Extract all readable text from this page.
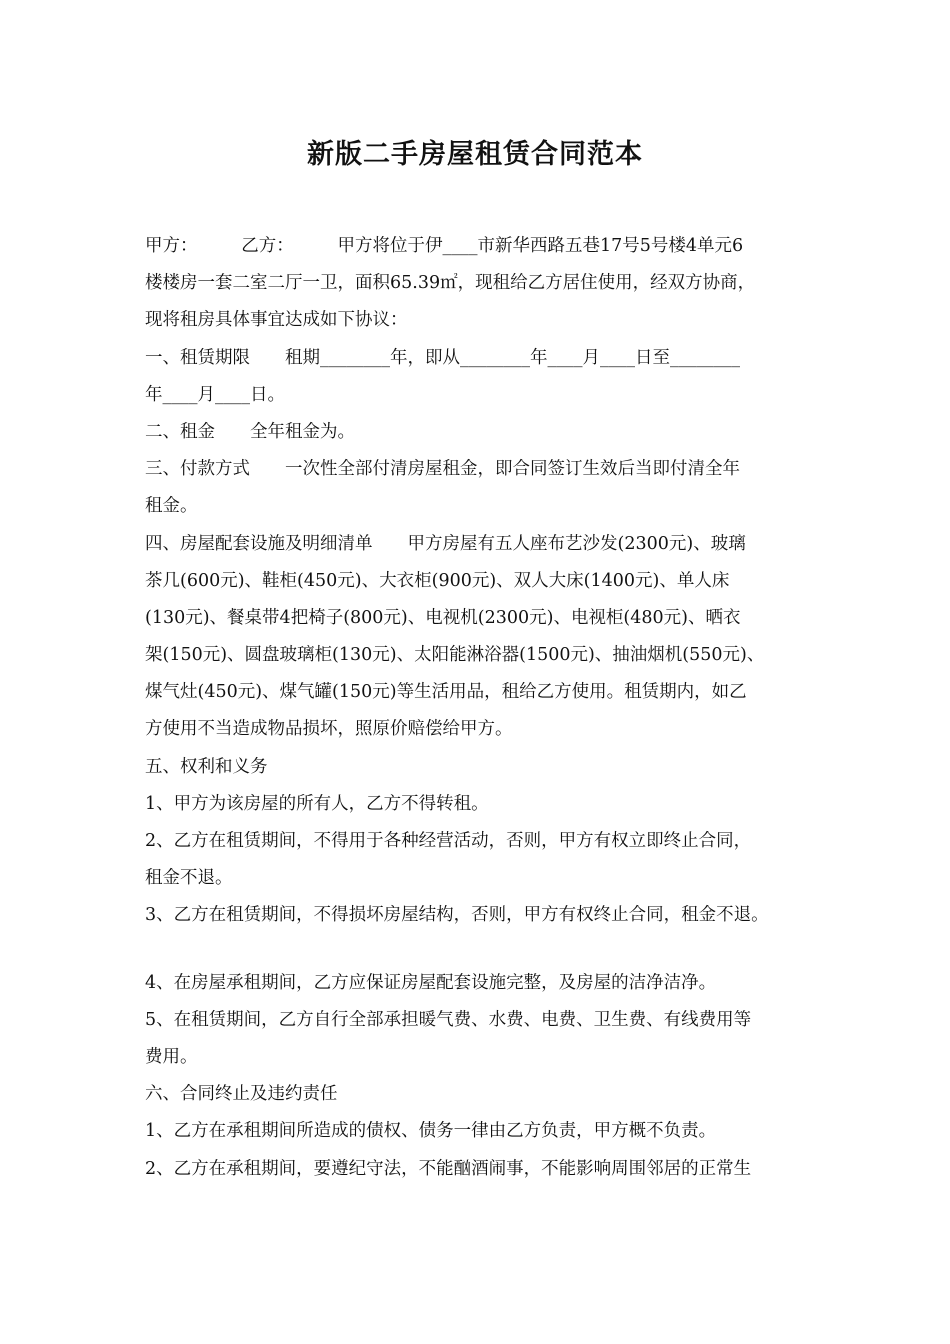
新版二手房屋租赁合同范本
甲方：　　　乙方：　　　甲方将位于伊____市新华西路五巷17号5号楼4单元6
楼楼房一套二室二厅一卫，面积65.39㎡，现租给乙方居住使用，经双方协商，
现将租房具体事宜达成如下协议：
一、租赁期限　　租期________年，即从________年____月____日至________
年____月____日。
二、租金　　全年租金为。
三、付款方式　　一次性全部付清房屋租金，即合同签订生效后当即付清全年
租金。
四、房屋配套设施及明细清单　　甲方房屋有五人座布艺沙发(2300元)、玻璃
茶几(600元)、鞋柜(450元)、大衣柜(900元)、双人大床(1400元)、单人床
(130元)、餐桌带4把椅子(800元)、电视机(2300元)、电视柜(480元)、晒衣
架(150元)、圆盘玻璃柜(130元)、太阳能淋浴器(1500元)、抽油烟机(550元)、
煤气灶(450元)、煤气罐(150元)等生活用品，租给乙方使用。租赁期内，如乙
方使用不当造成物品损坏，照原价赔偿给甲方。
五、权利和义务
1、甲方为该房屋的所有人，乙方不得转租。
2、乙方在租赁期间，不得用于各种经营活动，否则，甲方有权立即终止合同，
租金不退。
3、乙方在租赁期间，不得损坏房屋结构，否则，甲方有权终止合同，租金不退。
4、在房屋承租期间，乙方应保证房屋配套设施完整，及房屋的洁净洁净。
5、在租赁期间，乙方自行全部承担暖气费、水费、电费、卫生费、有线费用等
费用。
六、合同终止及违约责任
1、乙方在承租期间所造成的债权、债务一律由乙方负责，甲方概不负责。
2、乙方在承租期间，要遵纪守法，不能酗酒闹事，不能影响周围邻居的正常生
